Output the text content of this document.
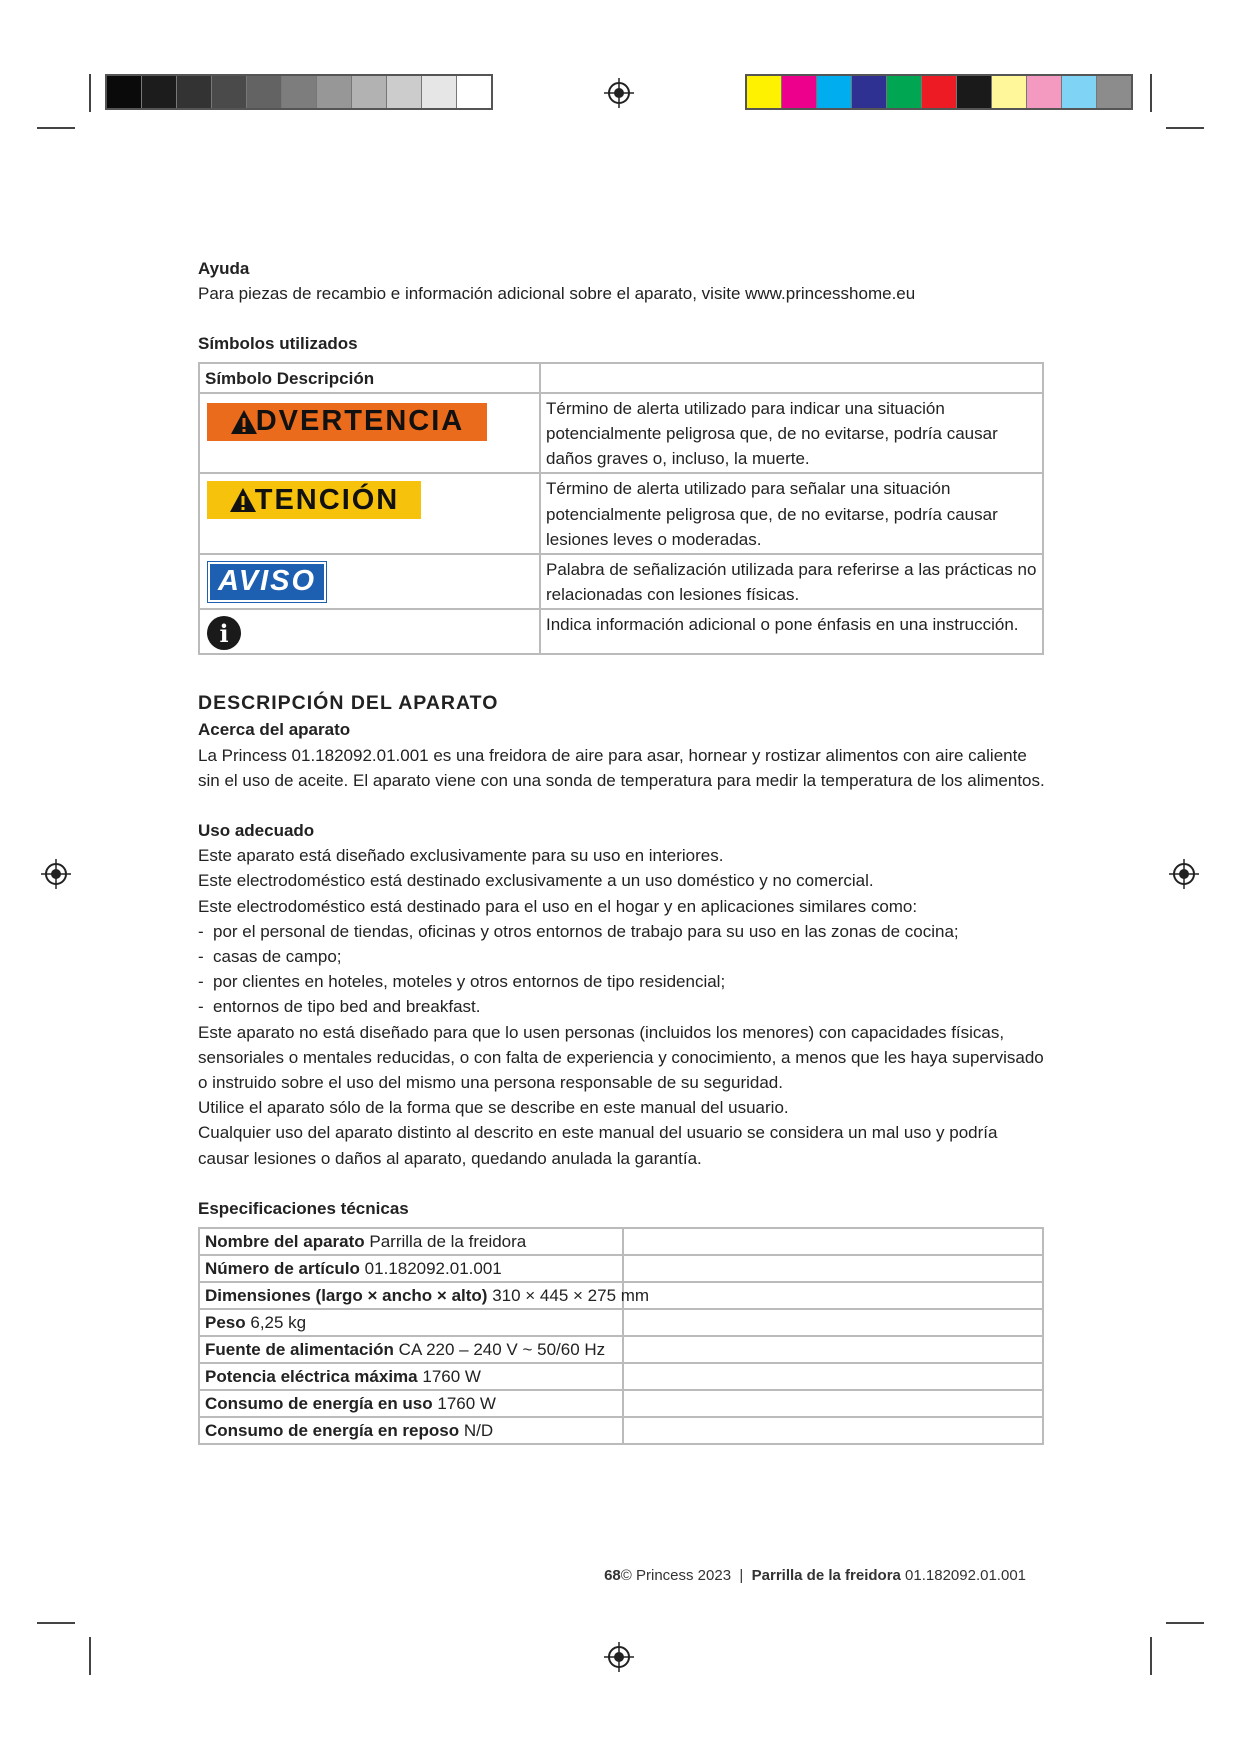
Ayuda

Para piezas de recambio e información adicional sobre el aparato, visite www.princesshome.eu

Símbolos utilizados

Símbolo Descripción	

DVERTENCIA	Término de alerta utilizado para indicar una situación potencialmente peligrosa que, de no evitarse, podría causar daños graves o, incluso, la muerte.

TENCIÓN	Término de alerta utilizado para señalar una situación potencialmente peligrosa que, de no evitarse, podría causar lesiones leves o moderadas.

AVISO	Palabra de señalización utilizada para referirse a las prácticas no relacionadas con lesiones físicas.
i	Indica información adicional o pone énfasis en una instrucción.

DESCRIPCIÓN DEL APARATO

Acerca del aparato

La Princess 01.182092.01.001 es una freidora de aire para asar, hornear y rostizar alimentos con aire caliente sin el uso de aceite. El aparato viene con una sonda de temperatura para medir la temperatura de los alimentos.

Uso adecuado

Este aparato está diseñado exclusivamente para su uso en interiores.

Este electrodoméstico está destinado exclusivamente a un uso doméstico y no comercial.

Este electrodoméstico está destinado para el uso en el hogar y en aplicaciones similares como:

- por el personal de tiendas, oficinas y otros entornos de trabajo para su uso en las zonas de cocina;
- casas de campo;
- por clientes en hoteles, moteles y otros entornos de tipo residencial;
- entornos de tipo bed and breakfast.

Este aparato no está diseñado para que lo usen personas (incluidos los menores) con capacidades físicas, sensoriales o mentales reducidas, o con falta de experiencia y conocimiento, a menos que les haya supervisado o instruido sobre el uso del mismo una persona responsable de su seguridad.

Utilice el aparato sólo de la forma que se describe en este manual del usuario.

Cualquier uso del aparato distinto al descrito en este manual del usuario se considera un mal uso y podría causar lesiones o daños al aparato, quedando anulada la garantía.

Especificaciones técnicas

Nombre del aparato Parrilla de la freidora	
Número de artículo 01.182092.01.001	
Dimensiones (largo × ancho × alto) 310 × 445 × 275 mm	
Peso 6,25 kg	
Fuente de alimentación CA 220 – 240 V ~ 50/60 Hz	
Potencia eléctrica máxima 1760 W	
Consumo de energía en uso 1760 W	
Consumo de energía en reposo N/D	
68© Princess 2023 | Parrilla de la freidora 01.182092.01.001
